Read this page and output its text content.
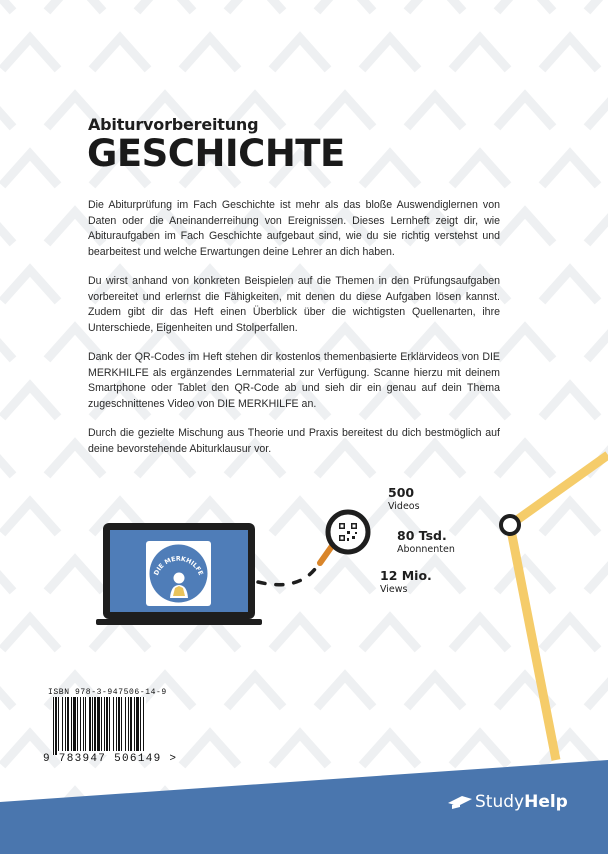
Abiturvorbereitung
GESCHICHTE

Die Abiturprüfung im Fach Geschichte ist mehr als das bloße Auswendiglernen von Daten oder die Aneinanderreihung von Ereignissen. Dieses Lernheft zeigt dir, wie Abituraufgaben im Fach Geschichte aufgebaut sind, wie du sie richtig verstehst und bearbeitest und welche Erwartungen deine Lehrer an dich haben.

Du wirst anhand von konkreten Beispielen auf die Themen in den Prüfungsaufgaben vorbereitet und erlernst die Fähigkeiten, mit denen du diese Aufgaben lösen kannst. Zudem gibt dir das Heft einen Überblick über die wichtigsten Quellenarten, ihre Unterschiede, Eigenheiten und Stolperfallen.

Dank der QR-Codes im Heft stehen dir kostenlos themenbasierte Erklärvideos von DIE MERKHILFE als ergänzendes Lernmaterial zur Verfügung. Scanne hierzu mit deinem Smartphone oder Tablet den QR-Code ab und sieh dir ein genau auf dein Thema zugeschnittenes Video von DIE MERKHILFE an.

Durch die gezielte Mischung aus Theorie und Praxis bereitest du dich bestmöglich auf deine bevorstehende Abiturklausur vor.

DIE MERKHILFE
500
Videos
80 Tsd.
Abonnenten
12 Mio.
Views
ISBN 978-3-947506-14-9
9 783947 506149 >
Study Help
